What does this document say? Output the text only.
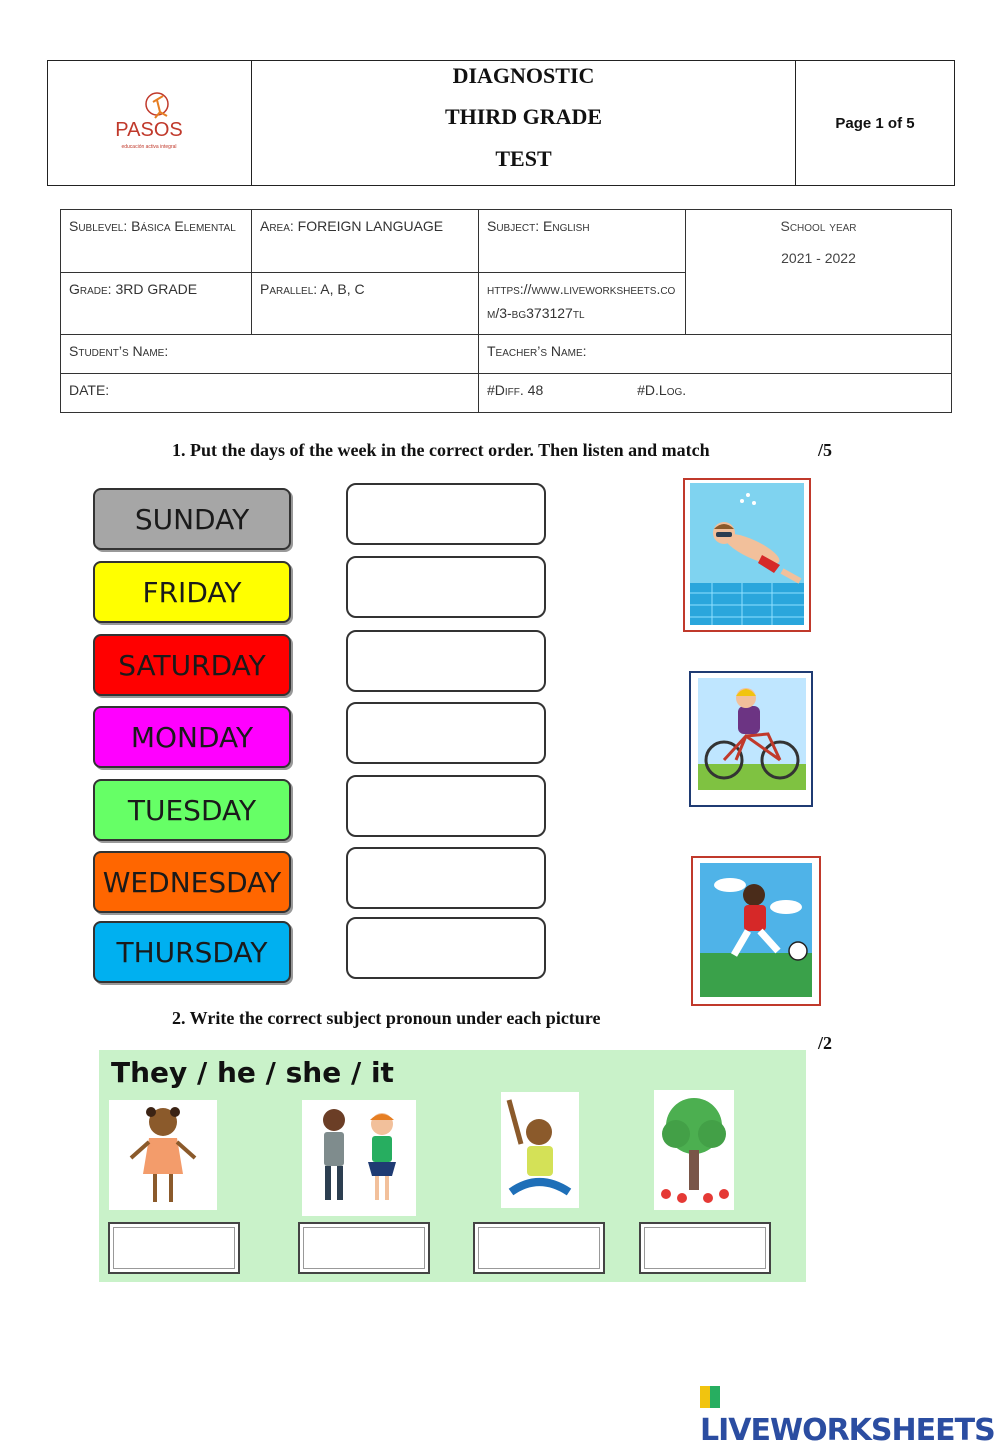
PASOS
educación activa integral
DIAGNOSTIC
THIRD GRADE
TEST
Page 1 of 5
Sublevel: Básica Elemental	Area: FOREIGN LANGUAGE	Subject: English	School year
2021 - 2022

Grade: 3RD GRADE	Parallel: A, B, C	https://www.liveworksheets.com/3-bg373127tl	
Student’s Name:		Teacher’s Name:	
DATE:		#Diff. 48 #D.Log.	
1. Put the days of the week in the correct order. Then listen and match	/5
SUNDAY
FRIDAY
SATURDAY
MONDAY
TUESDAY
WEDNESDAY
THURSDAY
2. Write the correct subject pronoun under each picture
/2
They / he / she / it
LIVEWORKSHEETS
